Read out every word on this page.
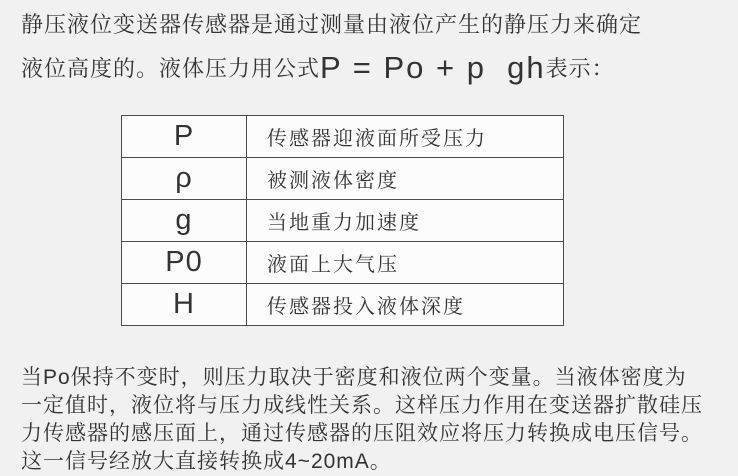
静压液位变送器传感器是通过测量由液位产生的静压力来确定
液位高度的。液体压力用公式P = Po + p  gh表示：
P	传感器迎液面所受压力
ρ	被测液体密度
g	当地重力加速度
P0	液面上大气压
H	传感器投入液体深度
当Po保持不变时，则压力取决于密度和液位两个变量。当液体密度为
一定值时，液位将与压力成线性关系。这样压力作用在变送器扩散硅压
力传感器的感压面上，通过传感器的压阻效应将压力转换成电压信号。
这一信号经放大直接转换成4~20mA。
